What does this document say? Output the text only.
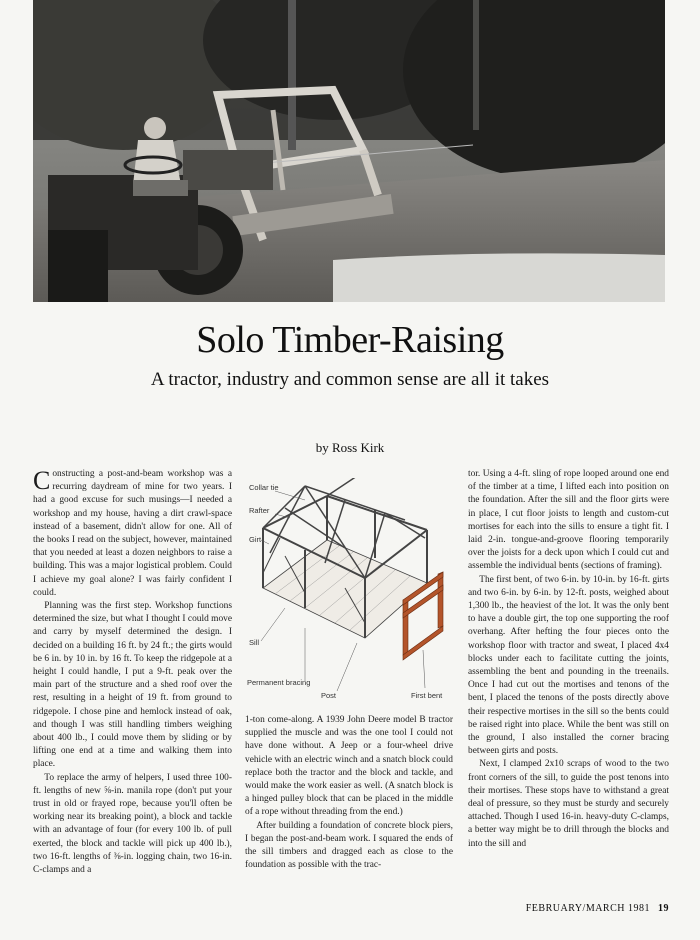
Solo Timber-Raising
A tractor, industry and common sense are all it takes
by Ross Kirk

Constructing a post-and-beam workshop was a recurring daydream of mine for two years. I had a good excuse for such musings—I needed a workshop and my house, having a dirt crawl-space instead of a basement, didn't allow for one. All of the books I read on the subject, however, maintained that you needed at least a dozen neighbors to raise a building. This was a major logistical problem. Could I achieve my goal alone? I was fairly confident I could.

Planning was the first step. Workshop functions determined the size, but what I thought I could move and carry by myself determined the design. I decided on a building 16 ft. by 24 ft.; the girts would be 6 in. by 10 in. by 16 ft. To keep the ridgepole at a height I could handle, I put a 9-ft. peak over the main part of the structure and a shed roof over the rest, resulting in a height of 19 ft. from ground to ridgepole. I chose pine and hemlock instead of oak, and though I was still handling timbers weighing about 400 lb., I could move them by sliding or by lifting one end at a time and walking them into place.

To replace the army of helpers, I used three 100-ft. lengths of new ⅝-in. manila rope (don't put your trust in old or frayed rope, because you'll often be working near its breaking point), a block and tackle with an advantage of four (for every 100 lb. of pull exerted, the block and tackle will pick up 400 lb.), two 16-ft. lengths of ⅜-in. logging chain, two 16-in. C-clamps and a

Collar tie
Rafter
Girt
Sill
Permanent bracing
Post	First bent

1-ton come-along. A 1939 John Deere model B tractor supplied the muscle and was the one tool I could not have done without. A Jeep or a four-wheel drive vehicle with an electric winch and a snatch block could replace both the tractor and the block and tackle, and would make the work easier as well. (A snatch block is a hinged pulley block that can be placed in the middle of a rope without threading from the end.)

After building a foundation of concrete block piers, I began the post-and-beam work. I squared the ends of the sill timbers and dragged each as close to the foundation as possible with the trac-

tor. Using a 4-ft. sling of rope looped around one end of the timber at a time, I lifted each into position on the foundation. After the sill and the floor girts were in place, I cut floor joists to length and custom-cut mortises for each into the sills to ensure a tight fit. I laid 2-in. tongue-and-groove flooring temporarily over the joists for a deck upon which I could cut and assemble the individual bents (sections of framing).

The first bent, of two 6-in. by 10-in. by 16-ft. girts and two 6-in. by 6-in. by 12-ft. posts, weighed about 1,300 lb., the heaviest of the lot. It was the only bent to have a double girt, the top one supporting the roof overhang. After hefting the four pieces onto the workshop floor with tractor and sweat, I placed 4x4 blocks under each to facilitate cutting the joints, assembling the bent and pounding in the treenails. Once I had cut out the mortises and tenons of the bent, I placed the tenons of the posts directly above their respective mortises in the sill so the bents could be raised right into place. While the bent was still on the ground, I also installed the corner bracing between girts and posts.

Next, I clamped 2x10 scraps of wood to the two front corners of the sill, to guide the post tenons into their mortises. These stops have to withstand a great deal of pressure, so they must be sturdy and securely attached. Though I used 16-in. heavy-duty C-clamps, a better way might be to drill through the blocks and into the sill and

FEBRUARY/MARCH 1981 19
